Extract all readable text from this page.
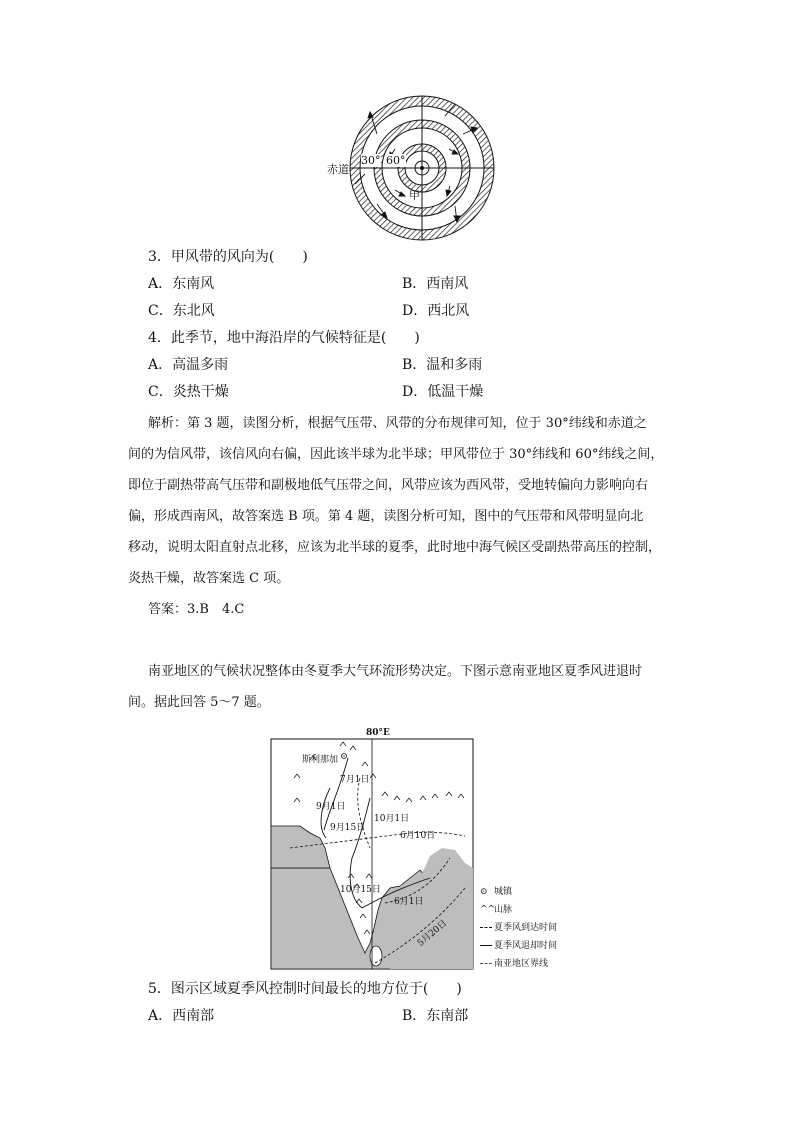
赤道
30° 60°
甲
3．甲风带的风向为(　　)
A．东南风	B．西南风
C．东北风	D．西北风
4．此季节，地中海沿岸的气候特征是(　　)
A．高温多雨	B．温和多雨
C．炎热干燥	D．低温干燥
解析：第 3 题，读图分析，根据气压带、风带的分布规律可知，位于 30°纬线和赤道之
间的为信风带，该信风向右偏，因此该半球为北半球；甲风带位于 30°纬线和 60°纬线之间，
即位于副热带高气压带和副极地低气压带之间，风带应该为西风带，受地转偏向力影响向右
偏，形成西南风，故答案选 B 项。第 4 题，读图分析可知，图中的气压带和风带明显向北
移动，说明太阳直射点北移，应该为北半球的夏季，此时地中海气候区受副热带高压的控制，
炎热干燥，故答案选 C 项。
答案：3.B　4.C
南亚地区的气候状况整体由冬夏季大气环流形势决定。下图示意南亚地区夏季风进退时
间。据此回答 5～7 题。
80°E
斯利那加
7月1日
9月1日
9月15日
10月1日
6月10日
10月15日
6月1日
5月20日
⊙ 城镇
^^山脉
夏季风到达时间
夏季风退却时间
南亚地区界线
5．图示区域夏季风控制时间最长的地方位于(　　)
A．西南部	B．东南部
